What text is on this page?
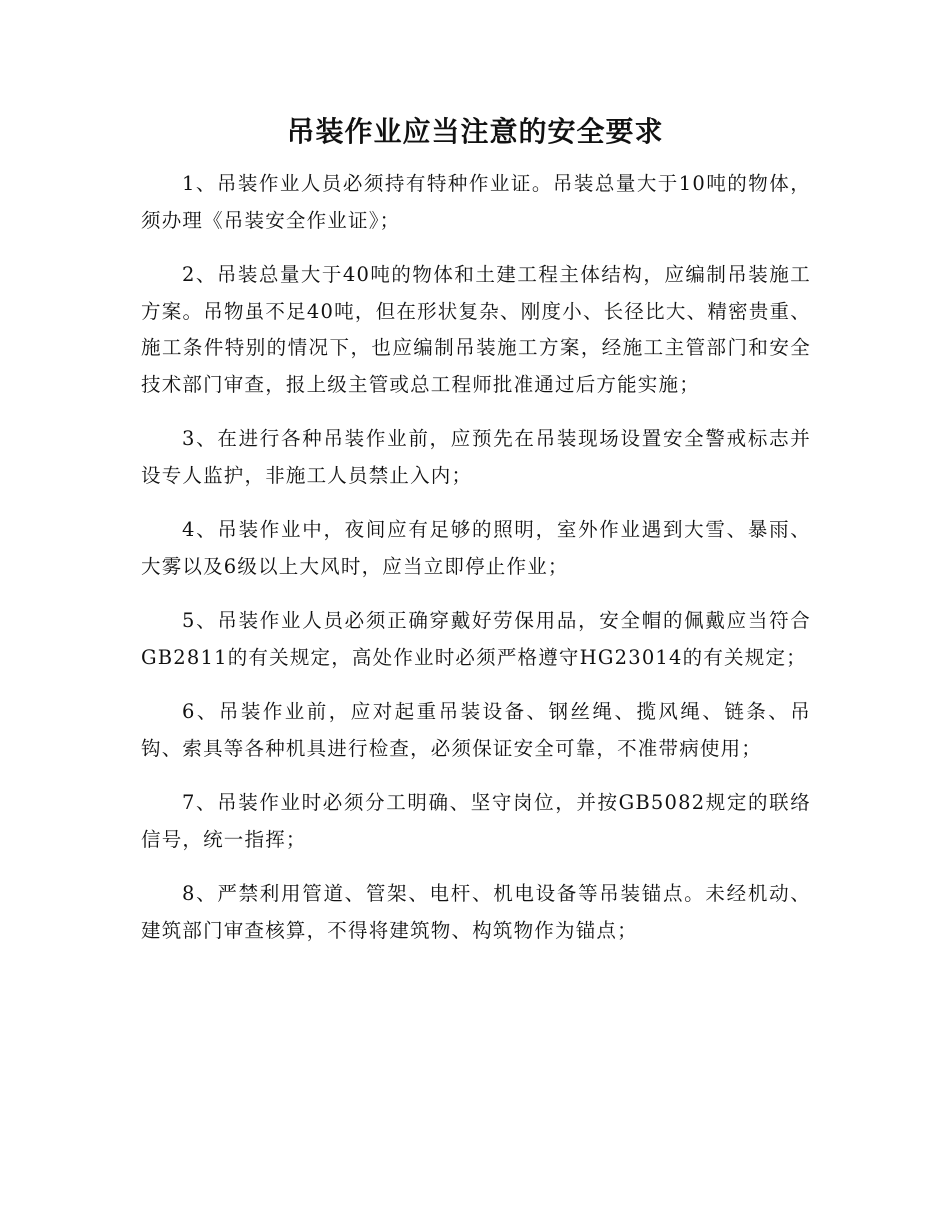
吊装作业应当注意的安全要求

1、吊装作业人员必须持有特种作业证。吊装总量大于10吨的物体，须办理《吊装安全作业证》；

2、吊装总量大于40吨的物体和土建工程主体结构，应编制吊装施工方案。吊物虽不足40吨，但在形状复杂、刚度小、长径比大、精密贵重、施工条件特别的情况下，也应编制吊装施工方案，经施工主管部门和安全技术部门审查，报上级主管或总工程师批准通过后方能实施；

3、在进行各种吊装作业前，应预先在吊装现场设置安全警戒标志并设专人监护，非施工人员禁止入内；

4、吊装作业中，夜间应有足够的照明，室外作业遇到大雪、暴雨、大雾以及6级以上大风时，应当立即停止作业；

5、吊装作业人员必须正确穿戴好劳保用品，安全帽的佩戴应当符合GB2811的有关规定，高处作业时必须严格遵守HG23014的有关规定；

6、吊装作业前，应对起重吊装设备、钢丝绳、揽风绳、链条、吊钩、索具等各种机具进行检查，必须保证安全可靠，不准带病使用；

7、吊装作业时必须分工明确、坚守岗位，并按GB5082规定的联络信号，统一指挥；

8、严禁利用管道、管架、电杆、机电设备等吊装锚点。未经机动、建筑部门审查核算，不得将建筑物、构筑物作为锚点；
